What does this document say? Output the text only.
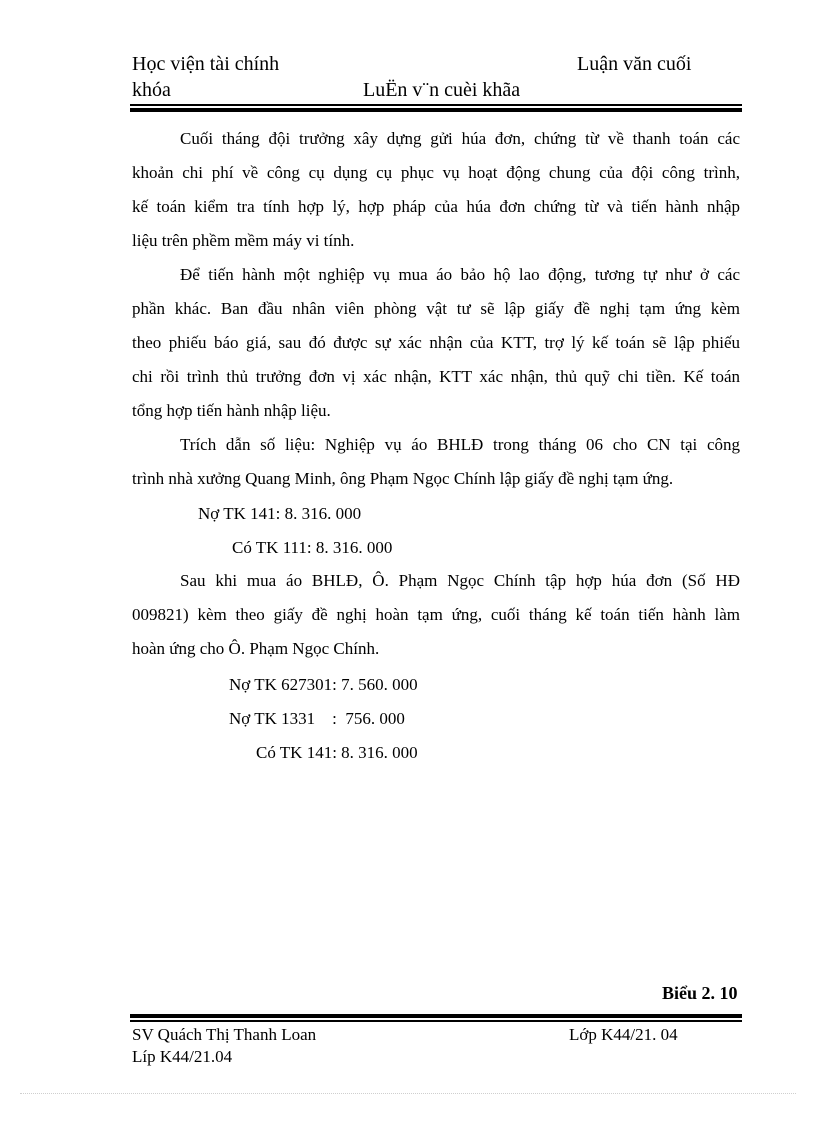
Học viện tài chính	Luận văn cuối
khóa	LuËn v¨n cuèi khãa
Cuối tháng đội trưởng xây dựng gửi húa đơn, chứng từ về thanh toán các
khoản chi phí về công cụ dụng cụ phục vụ hoạt động chung của đội công trình,
kế toán kiểm tra tính hợp lý, hợp pháp của húa đơn chứng từ và tiến hành nhập
liệu trên phềm mềm máy vi tính.
Để tiến hành một nghiệp vụ mua áo bảo hộ lao động, tương tự như ở các
phần khác. Ban đầu nhân viên phòng vật tư sẽ lập giấy đề nghị tạm ứng kèm
theo phiếu báo giá, sau đó được sự xác nhận của KTT, trợ lý kế toán sẽ lập phiếu
chi rồi trình thủ trưởng đơn vị xác nhận, KTT xác nhận, thủ quỹ chi tiền. Kế toán
tổng hợp tiến hành nhập liệu.
Trích dẫn số liệu: Nghiệp vụ áo BHLĐ trong tháng 06 cho CN tại công
trình nhà xưởng Quang Minh, ông Phạm Ngọc Chính lập giấy đề nghị tạm ứng.
Nợ TK 141: 8. 316. 000
Có TK 111: 8. 316. 000
Sau khi mua áo BHLĐ, Ô. Phạm Ngọc Chính tập hợp húa đơn (Số HĐ
009821) kèm theo giấy đề nghị hoàn tạm ứng, cuối tháng kế toán tiến hành làm
hoàn ứng cho Ô. Phạm Ngọc Chính.
Nợ TK 627301: 7. 560. 000
Nợ TK 1331    :  756. 000
Có TK 141: 8. 316. 000
Biểu 2. 10
SV Quách Thị Thanh Loan	Lớp K44/21. 04
Líp K44/21.04
